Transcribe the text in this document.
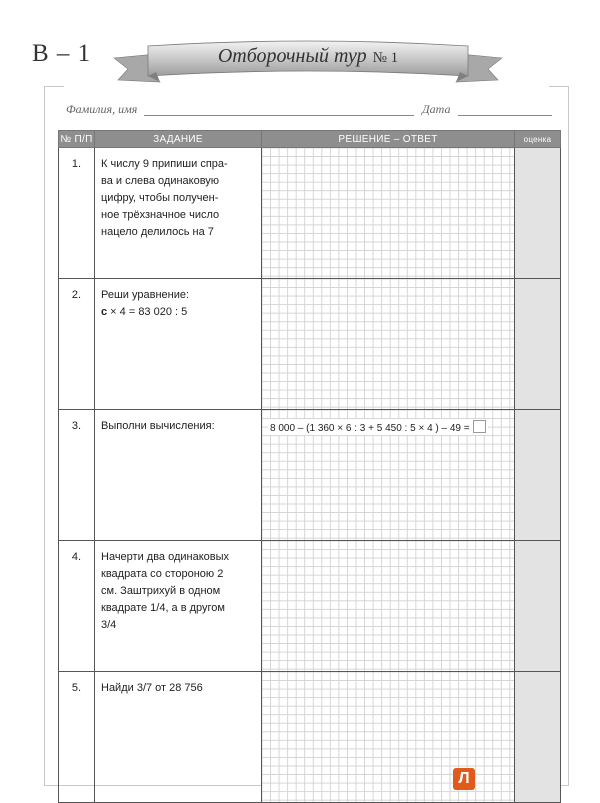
В – 1	Отборочный тур № 1
Фамилия, имя	Дата
№ П/П	ЗАДАНИЕ	РЕШЕНИЕ – ОТВЕТ	оценка
1.	К числу 9 припиши спра-
ва и слева одинаковую
цифру, чтобы получен-
ное трёхзначное число
нацело делилось на 7		

2.	Реши уравнение:
с × 4 = 83 020 : 5		

3.	Выполни вычисления:	8 000 – (1 360 × 6 : 3 + 5 450 : 5 × 4 ) – 49 =	

4.	Начерти два одинаковых
квадрата со стороною 2
см. Заштрихуй в одном
квадрате 1/4, а в другом
3/4		

5.	Найди 3/7 от 28 756		

Л
